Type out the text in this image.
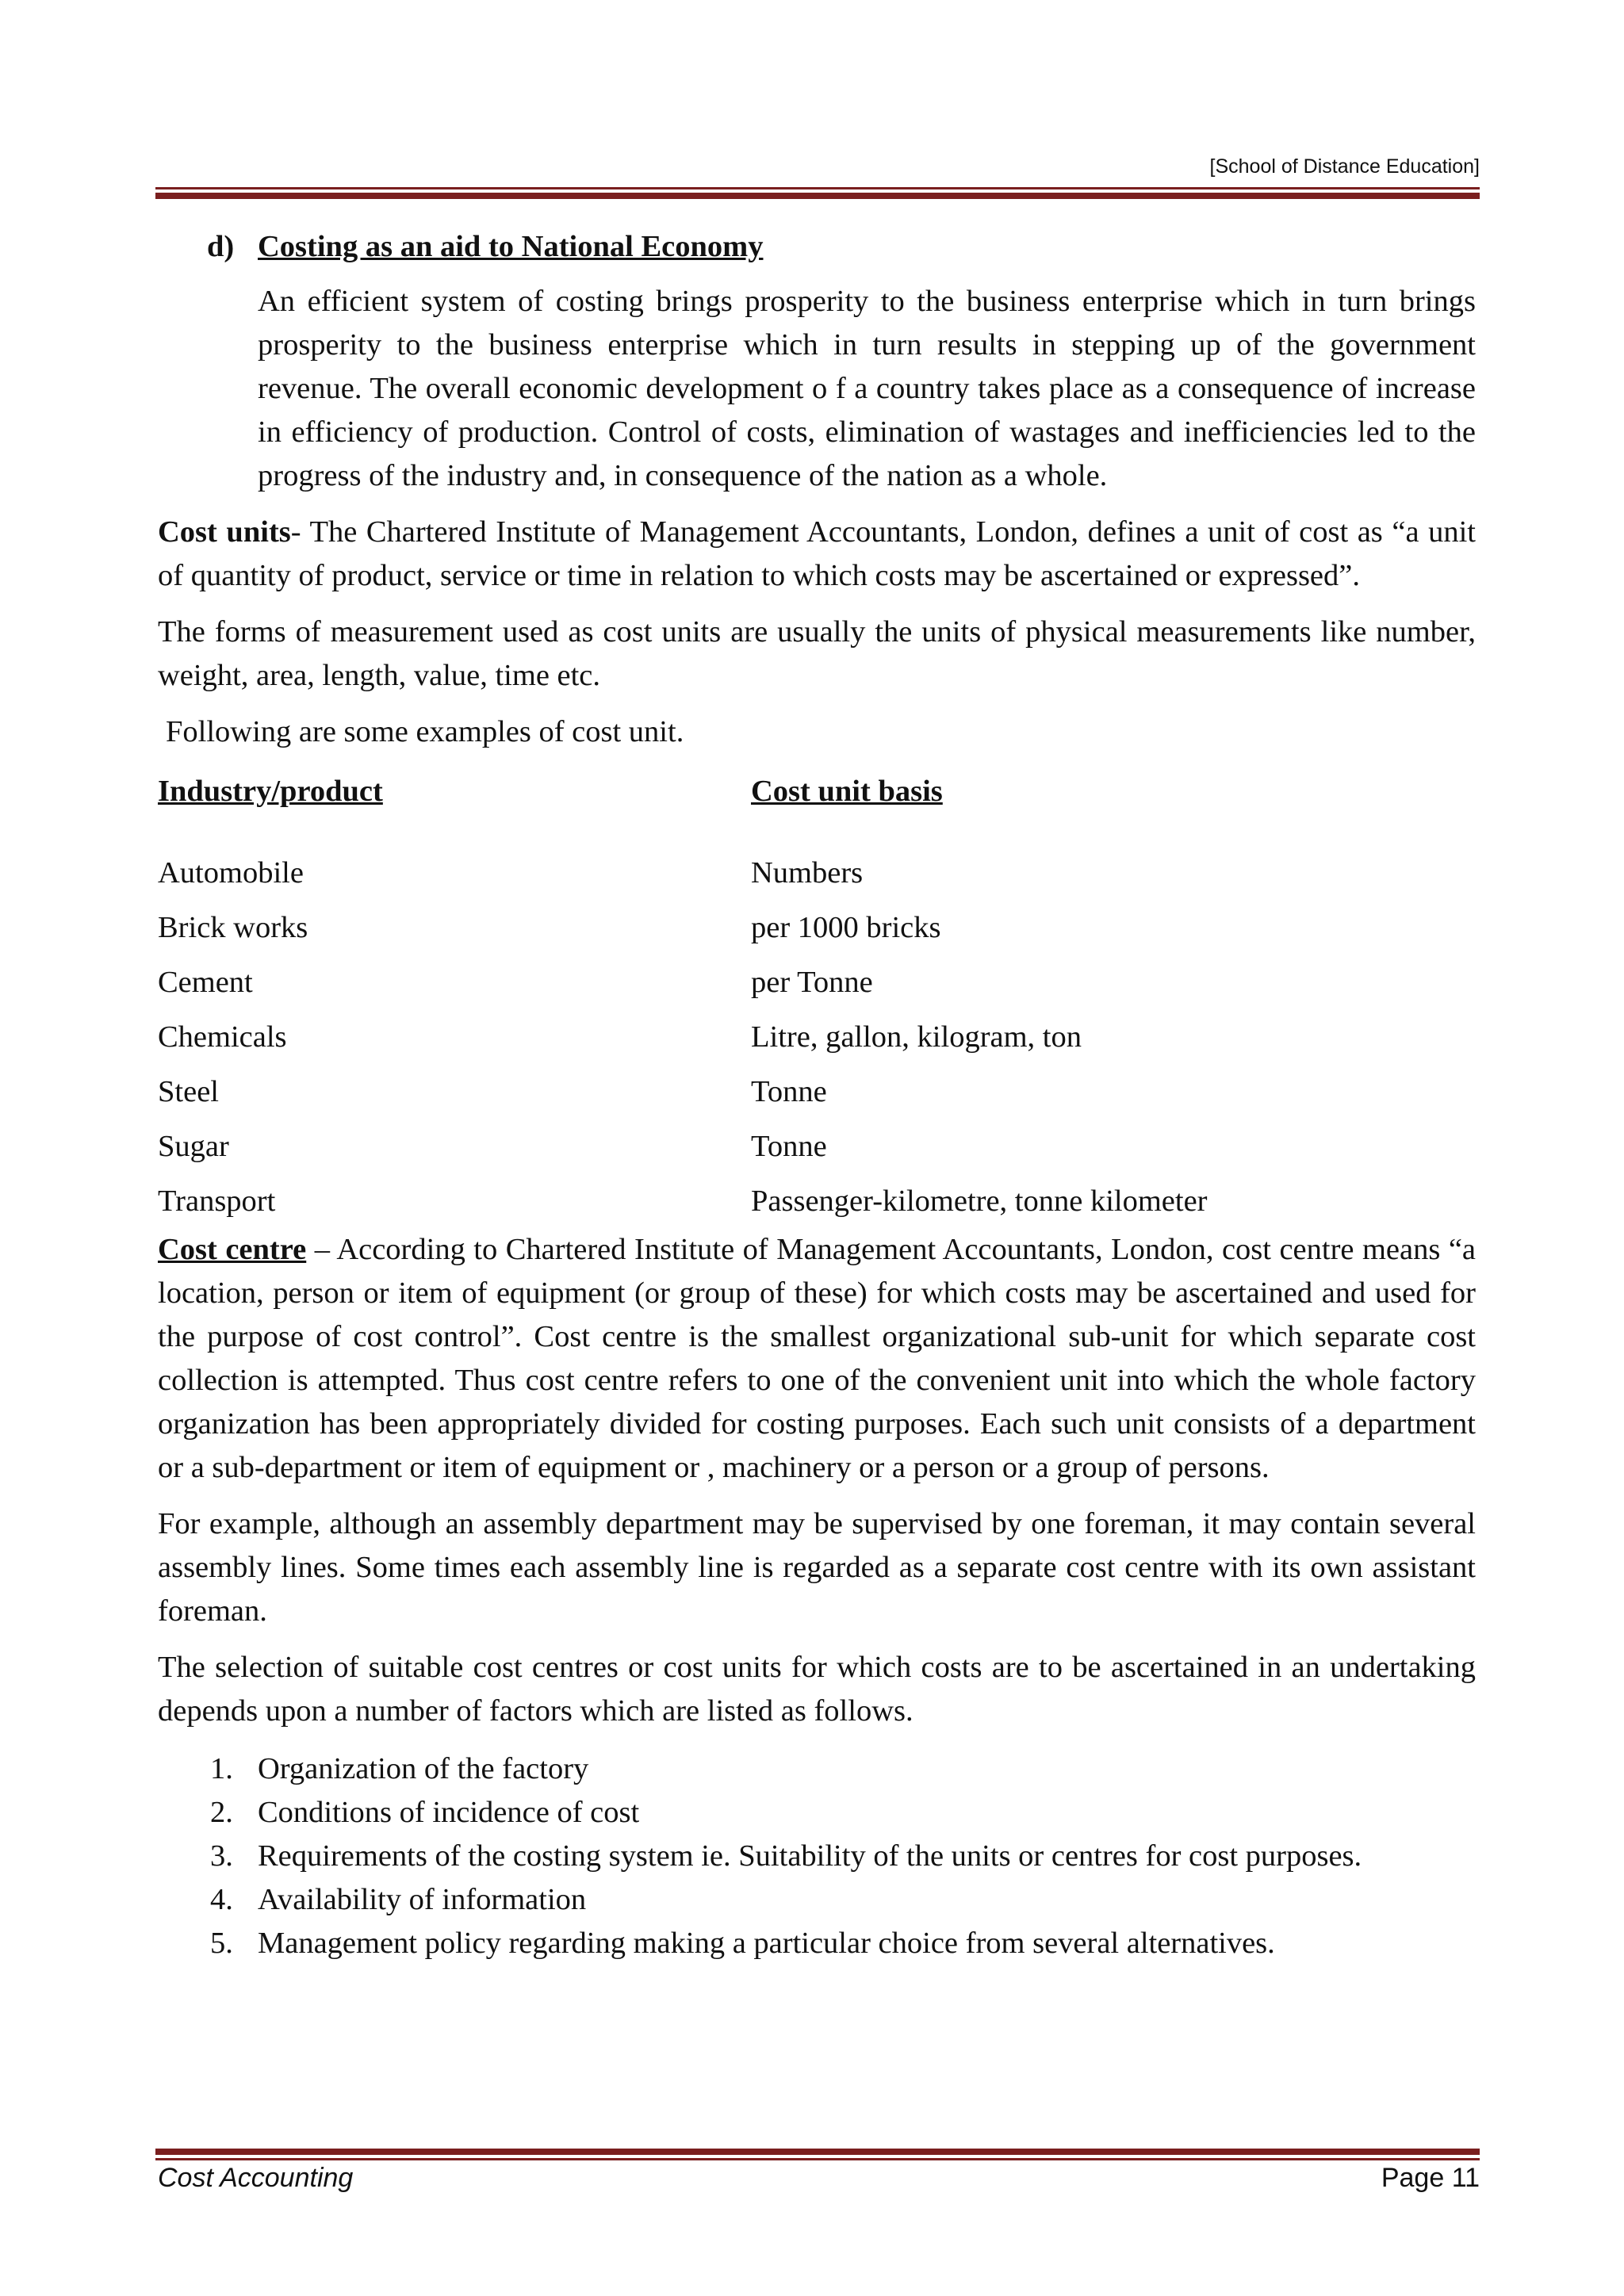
[School of Distance Education]
d) Costing as an aid to National Economy

An efficient system of costing brings prosperity to the business enterprise which in turn brings prosperity to the business enterprise which in turn results in stepping up of the government revenue. The overall economic development o f a country takes place as a consequence of increase in efficiency of production. Control of costs, elimination of wastages and inefficiencies led to the progress of the industry and, in consequence of the nation as a whole.

Cost units- The Chartered Institute of Management Accountants, London, defines a unit of cost as “a unit of quantity of product, service or time in relation to which costs may be ascertained or expressed”.

The forms of measurement used as cost units are usually the units of physical measurements like number, weight, area, length, value, time etc.

Following are some examples of cost unit.

Industry/product	Cost unit basis
Automobile	Numbers
Brick works	per 1000 bricks
Cement	per Tonne
Chemicals	Litre, gallon, kilogram, ton
Steel	Tonne
Sugar	Tonne
Transport	Passenger-kilometre, tonne kilometer

Cost centre – According to Chartered Institute of Management Accountants, London, cost centre means “a location, person or item of equipment (or group of these) for which costs may be ascertained and used for the purpose of cost control”. Cost centre is the smallest organizational sub-unit for which separate cost collection is attempted. Thus cost centre refers to one of the convenient unit into which the whole factory organization has been appropriately divided for costing purposes. Each such unit consists of a department or a sub-department or item of equipment or , machinery or a person or a group of persons.

For example, although an assembly department may be supervised by one foreman, it may contain several assembly lines. Some times each assembly line is regarded as a separate cost centre with its own assistant foreman.

The selection of suitable cost centres or cost units for which costs are to be ascertained in an undertaking depends upon a number of factors which are listed as follows.

1. Organization of the factory
2. Conditions of incidence of cost
3. Requirements of the costing system ie. Suitability of the units or centres for cost purposes.
4. Availability of information
5. Management policy regarding making a particular choice from several alternatives.
Cost Accounting	Page 11
